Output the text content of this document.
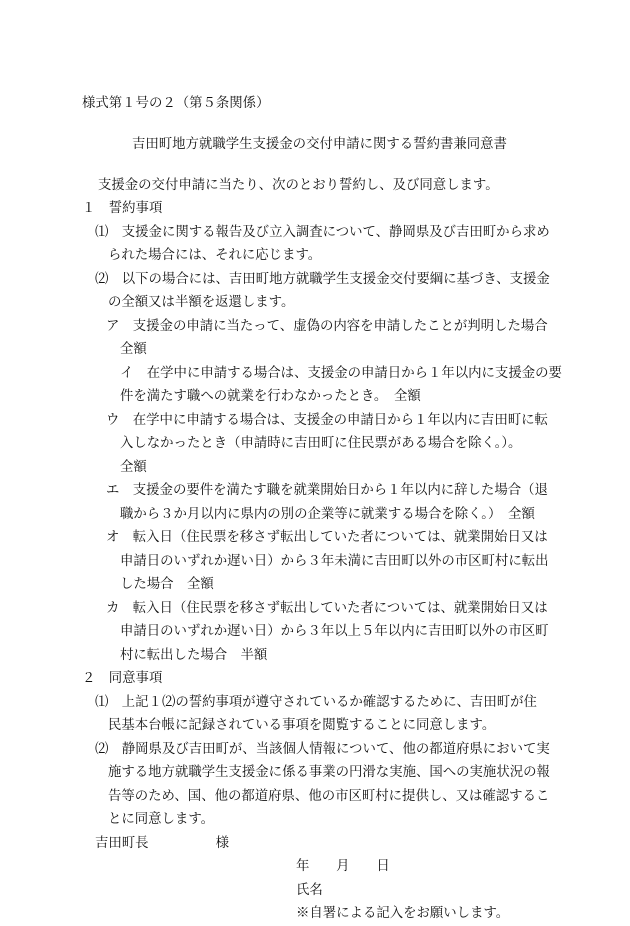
様式第１号の２（第５条関係）
吉田町地方就職学生支援金の交付申請に関する誓約書兼同意書
支援金の交付申請に当たり、次のとおり誓約し、及び同意します。
１　誓約事項
⑴　支援金に関する報告及び立入調査について、静岡県及び吉田町から求め
られた場合には、それに応じます。
⑵　以下の場合には、吉田町地方就職学生支援金交付要綱に基づき、支援金
の全額又は半額を返還します。
ア　支援金の申請に当たって、虚偽の内容を申請したことが判明した場合
全額
イ　在学中に申請する場合は、支援金の申請日から１年以内に支援金の要
件を満たす職への就業を行わなかったとき。　全額
ウ　在学中に申請する場合は、支援金の申請日から１年以内に吉田町に転
入しなかったとき（申請時に吉田町に住民票がある場合を除く。）。
全額
エ　支援金の要件を満たす職を就業開始日から１年以内に辞した場合（退
職から３か月以内に県内の別の企業等に就業する場合を除く。）　全額
オ　転入日（住民票を移さず転出していた者については、就業開始日又は
申請日のいずれか遅い日）から３年未満に吉田町以外の市区町村に転出
した場合　全額
カ　転入日（住民票を移さず転出していた者については、就業開始日又は
申請日のいずれか遅い日）から３年以上５年以内に吉田町以外の市区町
村に転出した場合　半額
２　同意事項
⑴　上記１⑵の誓約事項が遵守されているか確認するために、吉田町が住
民基本台帳に記録されている事項を閲覧することに同意します。
⑵　静岡県及び吉田町が、当該個人情報について、他の都道府県において実
施する地方就職学生支援金に係る事業の円滑な実施、国への実施状況の報
告等のため、国、他の都道府県、他の市区町村に提供し、又は確認するこ
とに同意します。
吉田町長	様
年　　月　　日
氏名
※自署による記入をお願いします。
